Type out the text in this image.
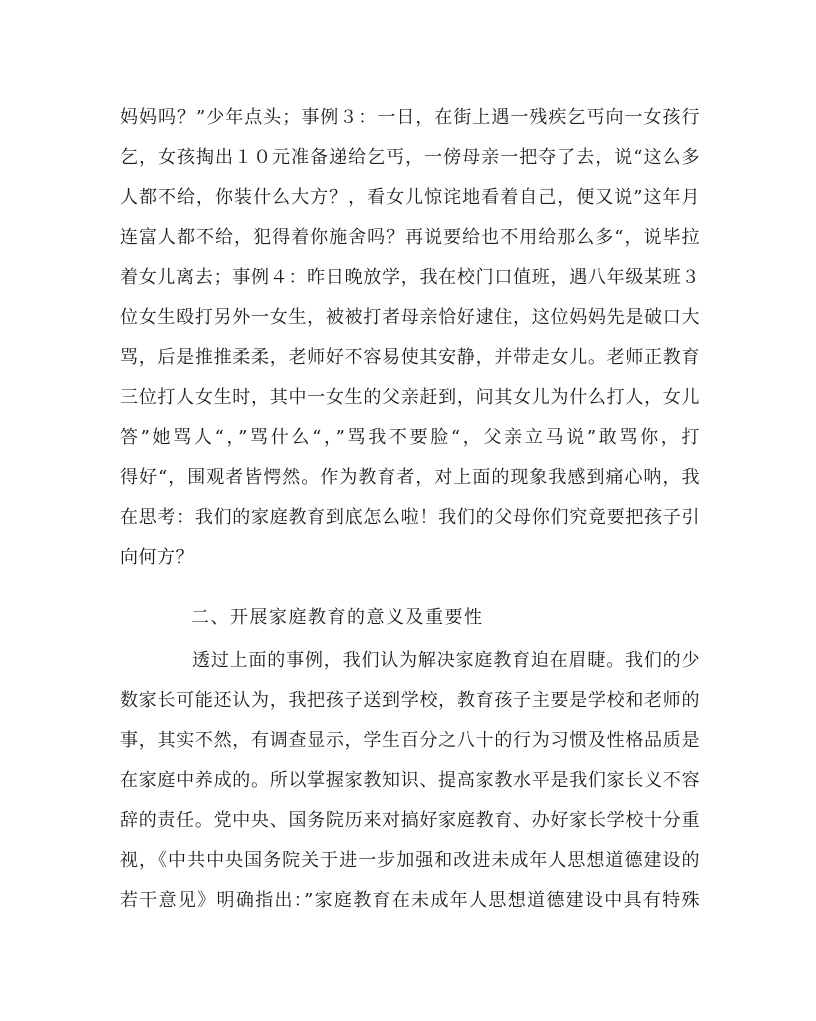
妈妈吗？”少年点头；事例３：一日，在街上遇一残疾乞丐向一女孩行
乞，女孩掏出１０元准备递给乞丐，一傍母亲一把夺了去，说“这么多
人都不给，你装什么大方？，看女儿惊诧地看着自己，便又说”这年月
连富人都不给，犯得着你施舍吗？再说要给也不用给那么多“，说毕拉
着女儿离去；事例４：昨日晚放学，我在校门口值班，遇八年级某班３
位女生殴打另外一女生，被被打者母亲恰好逮住，这位妈妈先是破口大
骂，后是推推柔柔，老师好不容易使其安静，并带走女儿。老师正教育
三位打人女生时，其中一女生的父亲赶到，问其女儿为什么打人，女儿
答”她骂人“，”骂什么“，”骂我不要脸“，父亲立马说”敢骂你，打
得好“，围观者皆愕然。作为教育者，对上面的现象我感到痛心呐，我
在思考：我们的家庭教育到底怎么啦！我们的父母你们究竟要把孩子引
向何方？
二、开展家庭教育的意义及重要性
透过上面的事例，我们认为解决家庭教育迫在眉睫。我们的少
数家长可能还认为，我把孩子送到学校，教育孩子主要是学校和老师的
事，其实不然，有调查显示，学生百分之八十的行为习惯及性格品质是
在家庭中养成的。所以掌握家教知识、提高家教水平是我们家长义不容
辞的责任。党中央、国务院历来对搞好家庭教育、办好家长学校十分重
视，《中共中央国务院关于进一步加强和改进未成年人思想道德建设的
若干意见》明确指出：”家庭教育在未成年人思想道德建设中具有特殊
